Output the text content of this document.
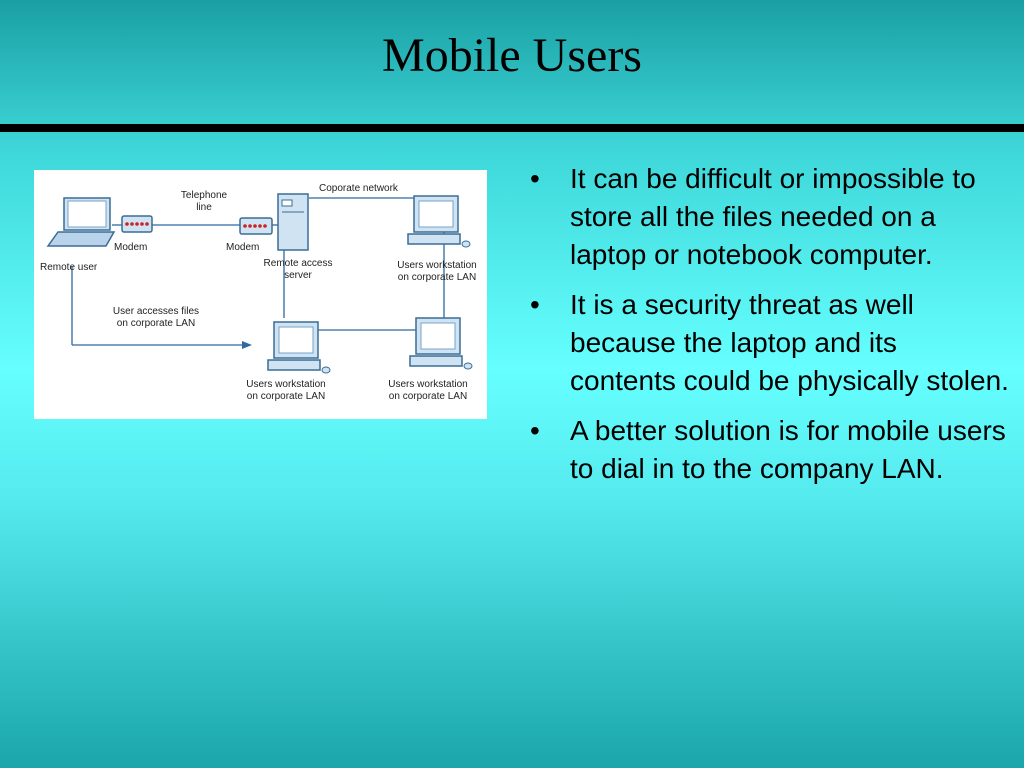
Mobile Users
Remote user
Modem
Telephone
line
Modem
Coporate network
Remote access
server
Users workstation
on corporate LAN
User accesses files
on corporate LAN
Users workstation
on corporate LAN
Users workstation
on corporate LAN
•	It can be difficult or impossible to store all the files needed on a laptop or notebook computer.
•	It is a security threat as well because the laptop and its contents could be physically stolen.
•	A better solution is for mobile users to dial in to the company LAN.
